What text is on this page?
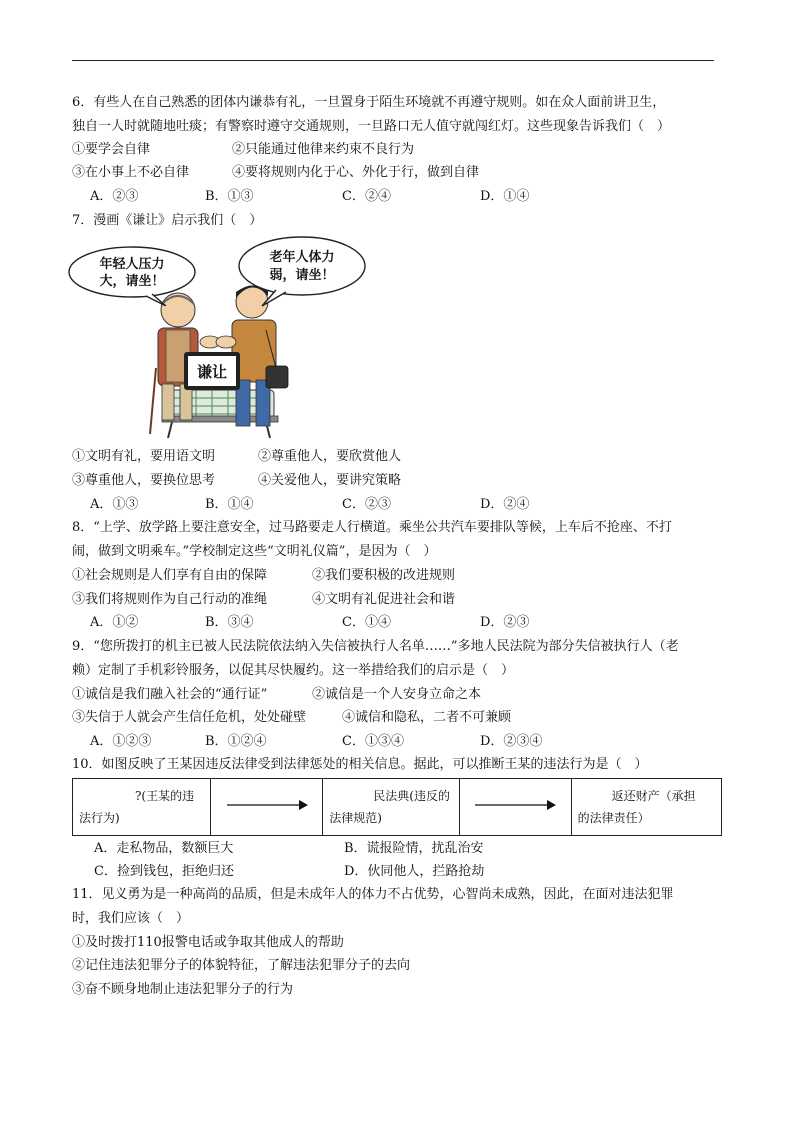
6．有些人在自己熟悉的团体内谦恭有礼，一旦置身于陌生环境就不再遵守规则。如在众人面前讲卫生，
独自一人时就随地吐痰；有警察时遵守交通规则，一旦路口无人值守就闯红灯。这些现象告诉我们（　）
①要学会自律	②只能通过他律来约束不良行为
③在小事上不必自律	④要将规则内化于心、外化于行，做到自律
A．②③	B．①③	C．②④	D．①④
7．漫画《谦让》启示我们（　）
谦让
年轻人压力
大，请坐！
老年人体力
弱，请坐！
①文明有礼，要用语文明	②尊重他人，要欣赏他人
③尊重他人，要换位思考	④关爱他人，要讲究策略
A．①③	B．①④	C．②③	D．②④
8．“上学、放学路上要注意安全，过马路要走人行横道。乘坐公共汽车要排队等候，上车后不抢座、不打
闹，做到文明乘车。”学校制定这些“文明礼仪篇”，是因为（　）
①社会规则是人们享有自由的保障	②我们要积极的改进规则
③我们将规则作为自己行动的准绳	④文明有礼促进社会和谐
A．①②	B．③④	C．①④	D．②③
9．“您所拨打的机主已被人民法院依法纳入失信被执行人名单……”多地人民法院为部分失信被执行人（老
赖）定制了手机彩铃服务，以促其尽快履约。这一举措给我们的启示是（　）
①诚信是我们融入社会的“通行证”	②诚信是一个人安身立命之本
③失信于人就会产生信任危机，处处碰壁	④诚信和隐私，二者不可兼顾
A．①②③	B．①②④	C．①③④	D．②③④
10．如图反映了王某因违反法律受到法律惩处的相关信息。据此，可以推断王某的违法行为是（　）
?(王某的违
法行为)

民法典(违反的
法律规范)

返还财产（承担
的法律责任）
A．走私物品，数额巨大	B．谎报险情，扰乱治安
C．捡到钱包，拒绝归还	D．伙同他人，拦路抢劫
11．见义勇为是一种高尚的品质，但是未成年人的体力不占优势，心智尚未成熟，因此，在面对违法犯罪
时，我们应该（　）
①及时拨打110报警电话或争取其他成人的帮助
②记住违法犯罪分子的体貌特征，了解违法犯罪分子的去向
③奋不顾身地制止违法犯罪分子的行为
